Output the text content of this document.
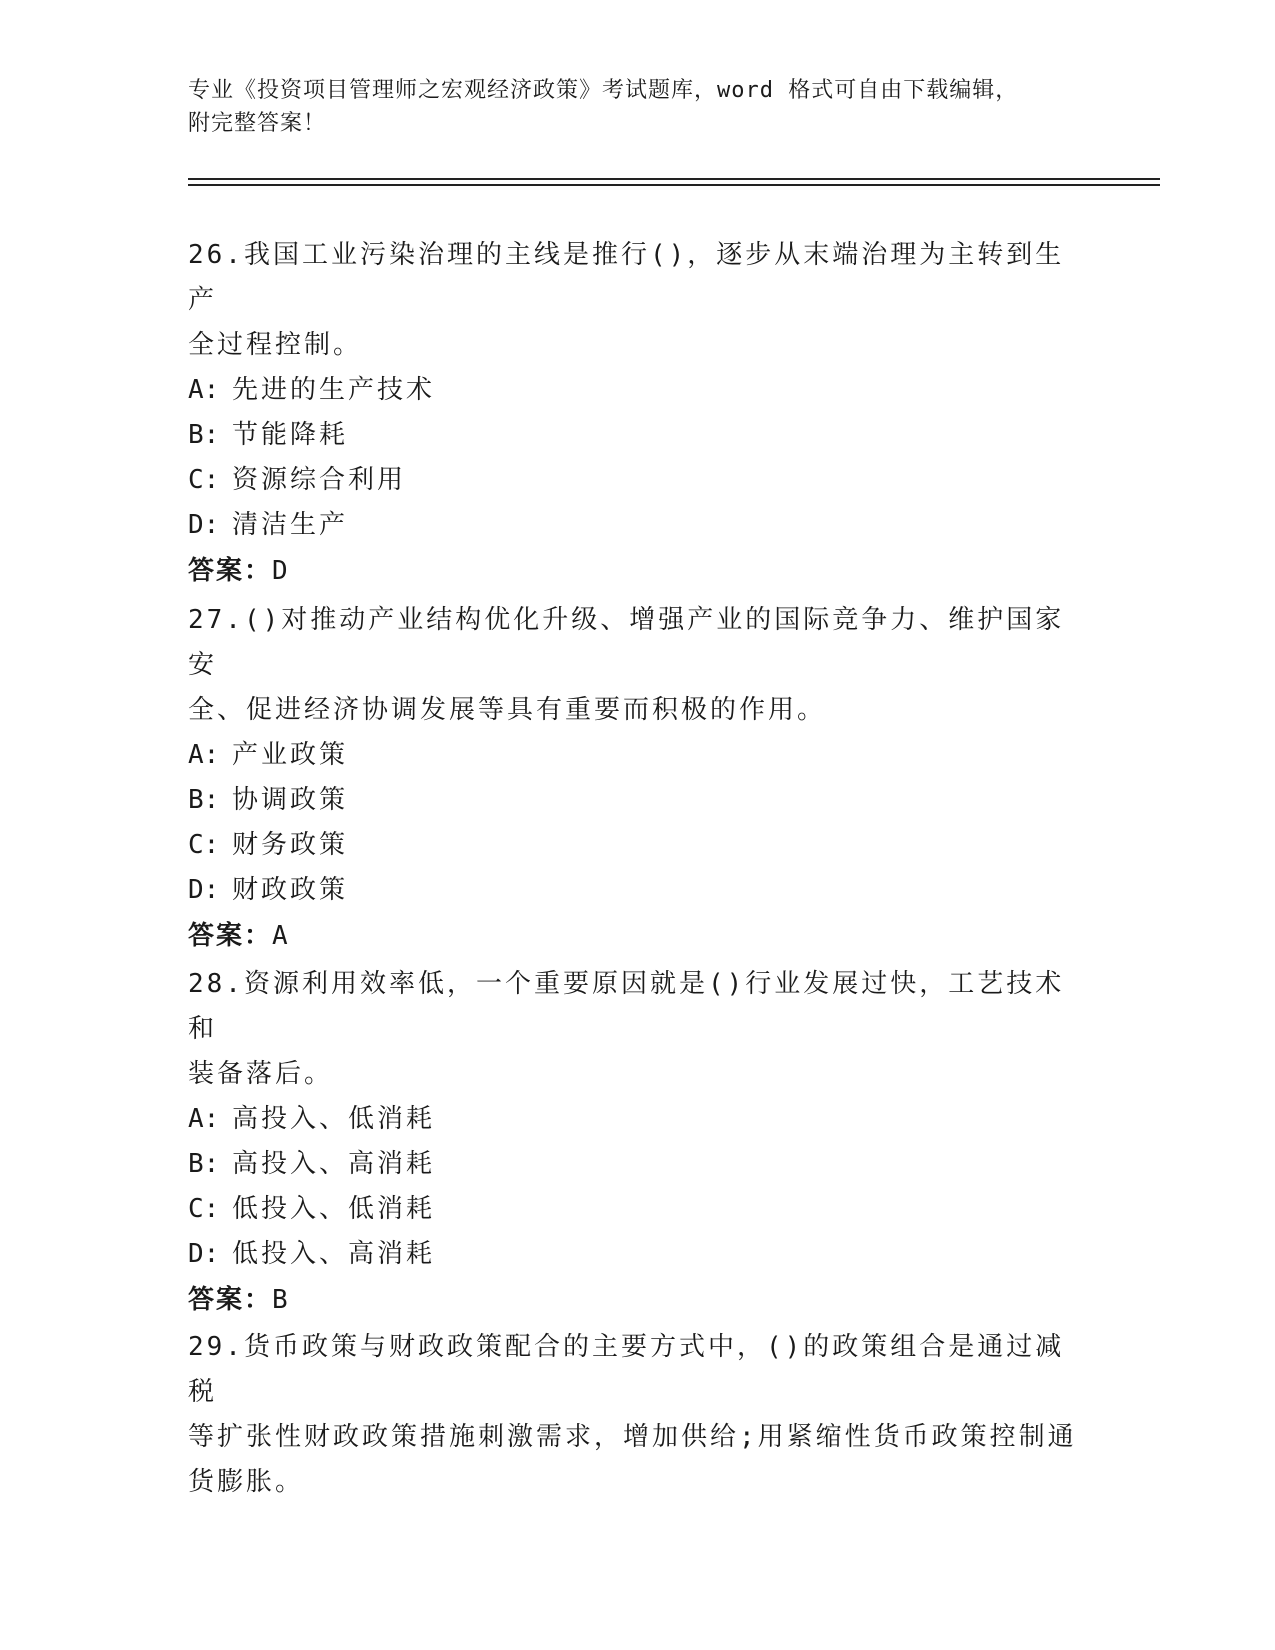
专业《投资项目管理师之宏观经济政策》考试题库，word 格式可自由下载编辑，
附完整答案！

26.我国工业污染治理的主线是推行()，逐步从末端治理为主转到生产

全过程控制。

A: 先进的生产技术

B: 节能降耗

C: 资源综合利用

D: 清洁生产

答案：D

27.()对推动产业结构优化升级、增强产业的国际竞争力、维护国家安

全、促进经济协调发展等具有重要而积极的作用。

A: 产业政策

B: 协调政策

C: 财务政策

D: 财政政策

答案：A

28.资源利用效率低，一个重要原因就是()行业发展过快，工艺技术和

装备落后。

A: 高投入、低消耗

B: 高投入、高消耗

C: 低投入、低消耗

D: 低投入、高消耗

答案：B

29.货币政策与财政政策配合的主要方式中，()的政策组合是通过减税

等扩张性财政政策措施刺激需求，增加供给;用紧缩性货币政策控制通

货膨胀。
